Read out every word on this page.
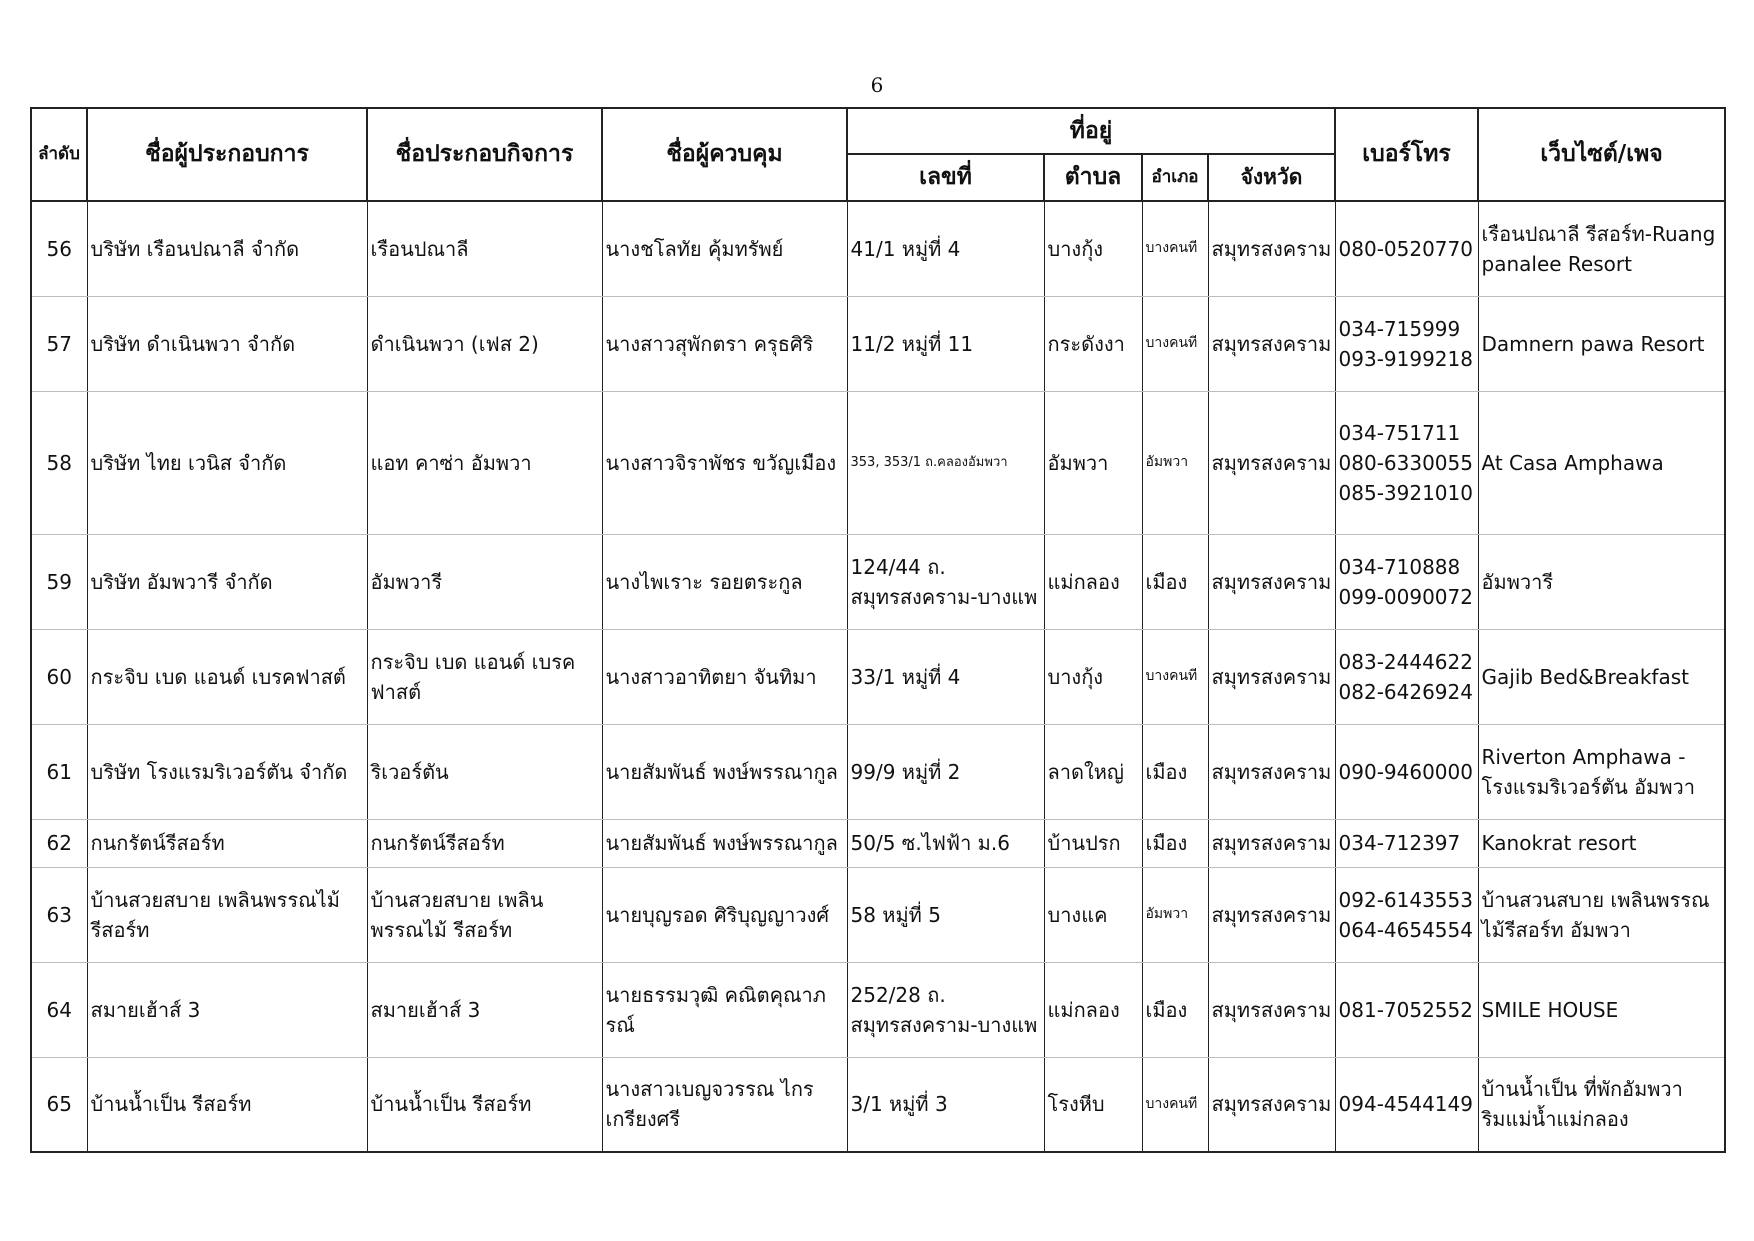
6
ลำดับ	ชื่อผู้ประกอบการ	ชื่อประกอบกิจการ	ชื่อผู้ควบคุม	ที่อยู่				เบอร์โทร	เว็บไซต์/เพจ
				เลขที่	ตำบล	อำเภอ	จังหวัด		
56	บริษัท เรือนปณาลี จำกัด	เรือนปณาลี	นางชโลทัย คุ้มทรัพย์	41/1 หมู่ที่ 4	บางกุ้ง	บางคนที	สมุทรสงคราม	080-0520770	เรือนปณาลี รีสอร์ท-Ruang
panalee Resort

57	บริษัท ดำเนินพวา จำกัด	ดำเนินพวา (เฟส 2)	นางสาวสุพักตรา ครุธศิริ	11/2 หมู่ที่ 11	กระดังงา	บางคนที	สมุทรสงคราม	034-715999
093-9199218	Damnern pawa Resort

58	บริษัท ไทย เวนิส จำกัด	แอท คาซ่า อัมพวา	นางสาวจิราพัชร ขวัญเมือง	353, 353/1 ถ.คลองอัมพวา	อัมพวา	อัมพวา	สมุทรสงคราม	034-751711
080-6330055
085-3921010	At Casa Amphawa

59	บริษัท อัมพวารี จำกัด	อัมพวารี	นางไพเราะ รอยตระกูล	124/44 ถ.
สมุทรสงคราม-บางแพ	แม่กลอง	เมือง	สมุทรสงคราม	034-710888
099-0090072	อัมพวารี

60	กระจิบ เบด แอนด์ เบรคฟาสต์	กระจิบ เบด แอนด์ เบรค
ฟาสต์	นางสาวอาทิตยา จันทิมา	33/1 หมู่ที่ 4	บางกุ้ง	บางคนที	สมุทรสงคราม	083-2444622
082-6426924	Gajib Bed&Breakfast

61	บริษัท โรงแรมริเวอร์ตัน จำกัด	ริเวอร์ตัน	นายสัมพันธ์ พงษ์พรรณากูล	99/9 หมู่ที่ 2	ลาดใหญ่	เมือง	สมุทรสงคราม	090-9460000	Riverton Amphawa -
โรงแรมริเวอร์ตัน อัมพวา

62	กนกรัตน์รีสอร์ท	กนกรัตน์รีสอร์ท	นายสัมพันธ์ พงษ์พรรณากูล	50/5 ซ.ไฟฟ้า ม.6	บ้านปรก	เมือง	สมุทรสงคราม	034-712397	Kanokrat resort

63	บ้านสวยสบาย เพลินพรรณไม้
รีสอร์ท	บ้านสวยสบาย เพลิน
พรรณไม้ รีสอร์ท	นายบุญรอด ศิริบุญญาวงศ์	58 หมู่ที่ 5	บางแค	อัมพวา	สมุทรสงคราม	092-6143553
064-4654554	บ้านสวนสบาย เพลินพรรณ
ไม้รีสอร์ท อัมพวา

64	สมายเฮ้าส์ 3	สมายเฮ้าส์ 3	นายธรรมวุฒิ คณิตคุณาภรณ์	252/28 ถ.
สมุทรสงคราม-บางแพ	แม่กลอง	เมือง	สมุทรสงคราม	081-7052552	SMILE HOUSE

65	บ้านน้ำเป็น รีสอร์ท	บ้านน้ำเป็น รีสอร์ท	นางสาวเบญจวรรณ ไกรเกรียงศรี	3/1 หมู่ที่ 3	โรงหีบ	บางคนที	สมุทรสงคราม	094-4544149	บ้านน้ำเป็น ที่พักอัมพวา
ริมแม่น้ำแม่กลอง
